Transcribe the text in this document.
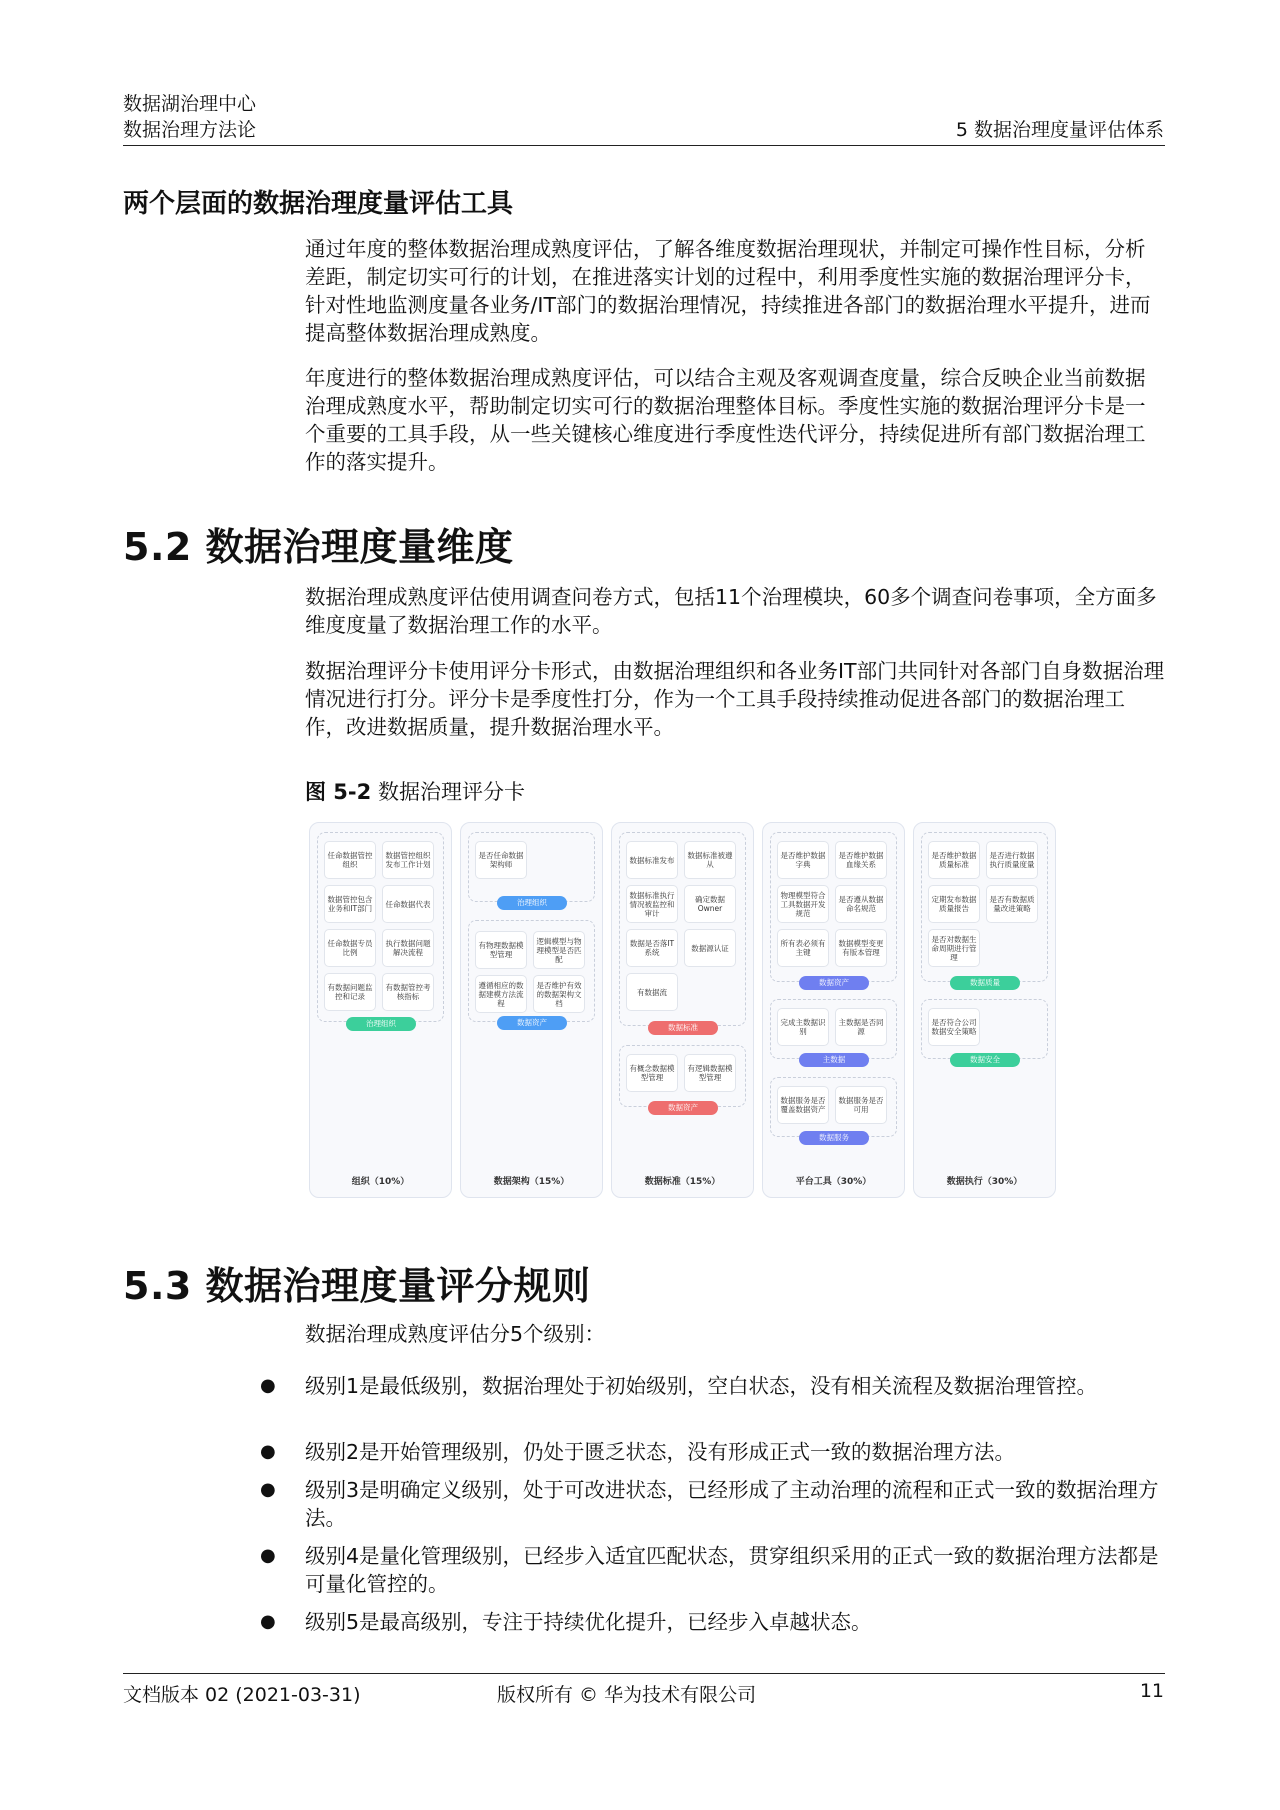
数据湖治理中心
数据治理方法论	5 数据治理度量评估体系
两个层面的数据治理度量评估工具

通过年度的整体数据治理成熟度评估，了解各维度数据治理现状，并制定可操作性目标，分析差距，制定切实可行的计划，在推进落实计划的过程中，利用季度性实施的数据治理评分卡，针对性地监测度量各业务/IT部门的数据治理情况，持续推进各部门的数据治理水平提升，进而提高整体数据治理成熟度。

年度进行的整体数据治理成熟度评估，可以结合主观及客观调查度量，综合反映企业当前数据治理成熟度水平，帮助制定切实可行的数据治理整体目标。季度性实施的数据治理评分卡是一个重要的工具手段，从一些关键核心维度进行季度性迭代评分，持续促进所有部门数据治理工作的落实提升。

5.2 数据治理度量维度

数据治理成熟度评估使用调查问卷方式，包括11个治理模块，60多个调查问卷事项，全方面多维度度量了数据治理工作的水平。

数据治理评分卡使用评分卡形式，由数据治理组织和各业务IT部门共同针对各部门自身数据治理情况进行打分。评分卡是季度性打分，作为一个工具手段持续推动促进各部门的数据治理工作，改进数据质量，提升数据治理水平。

图 5-2 数据治理评分卡
任命数据管控组织
数据管控组织发布工作计划
数据管控包含业务和IT部门	任命数据代表
任命数据专员比例
执行数据问题解决流程
有数据问题监控和记录
有数据管控考核指标
治理组织
组织（10%）
是否任命数据架构师
治理组织
有物理数据模型管理
逻辑模型与物理模型是否匹配
遵循相应的数据建模方法流程
是否维护有效的数据架构文档
数据资产
数据架构（15%）
数据标准发布	数据标准被遵从
数据标准执行情况被监控和审计
确定数据Owner
数据是否落IT系统	数据源认证
有数据流
数据标准
有概念数据模型管理
有逻辑数据模型管理
数据资产
数据标准（15%）
是否维护数据字典
是否维护数据血缘关系
物理模型符合工具数据开发规范
是否遵从数据命名规范
所有表必须有主键
数据模型变更有版本管理
数据资产
完成主数据识别
主数据是否同源
主数据
数据服务是否覆盖数据资产
数据服务是否可用
数据服务
平台工具（30%）
是否维护数据质量标准
是否进行数据执行质量度量
定期发布数据质量报告
是否有数据质量改进策略
是否对数据生命周期进行管理
数据质量
是否符合公司数据安全策略
数据安全
数据执行（30%）
5.3 数据治理度量评分规则
数据治理成熟度评估分5个级别：
● 级别1是最低级别，数据治理处于初始级别，空白状态，没有相关流程及数据治理管控。
● 级别2是开始管理级别，仍处于匮乏状态，没有形成正式一致的数据治理方法。
● 级别3是明确定义级别，处于可改进状态，已经形成了主动治理的流程和正式一致的数据治理方法。
● 级别4是量化管理级别，已经步入适宜匹配状态，贯穿组织采用的正式一致的数据治理方法都是可量化管控的。
● 级别5是最高级别，专注于持续优化提升，已经步入卓越状态。
文档版本 02 (2021-03-31)	版权所有 © 华为技术有限公司	11
